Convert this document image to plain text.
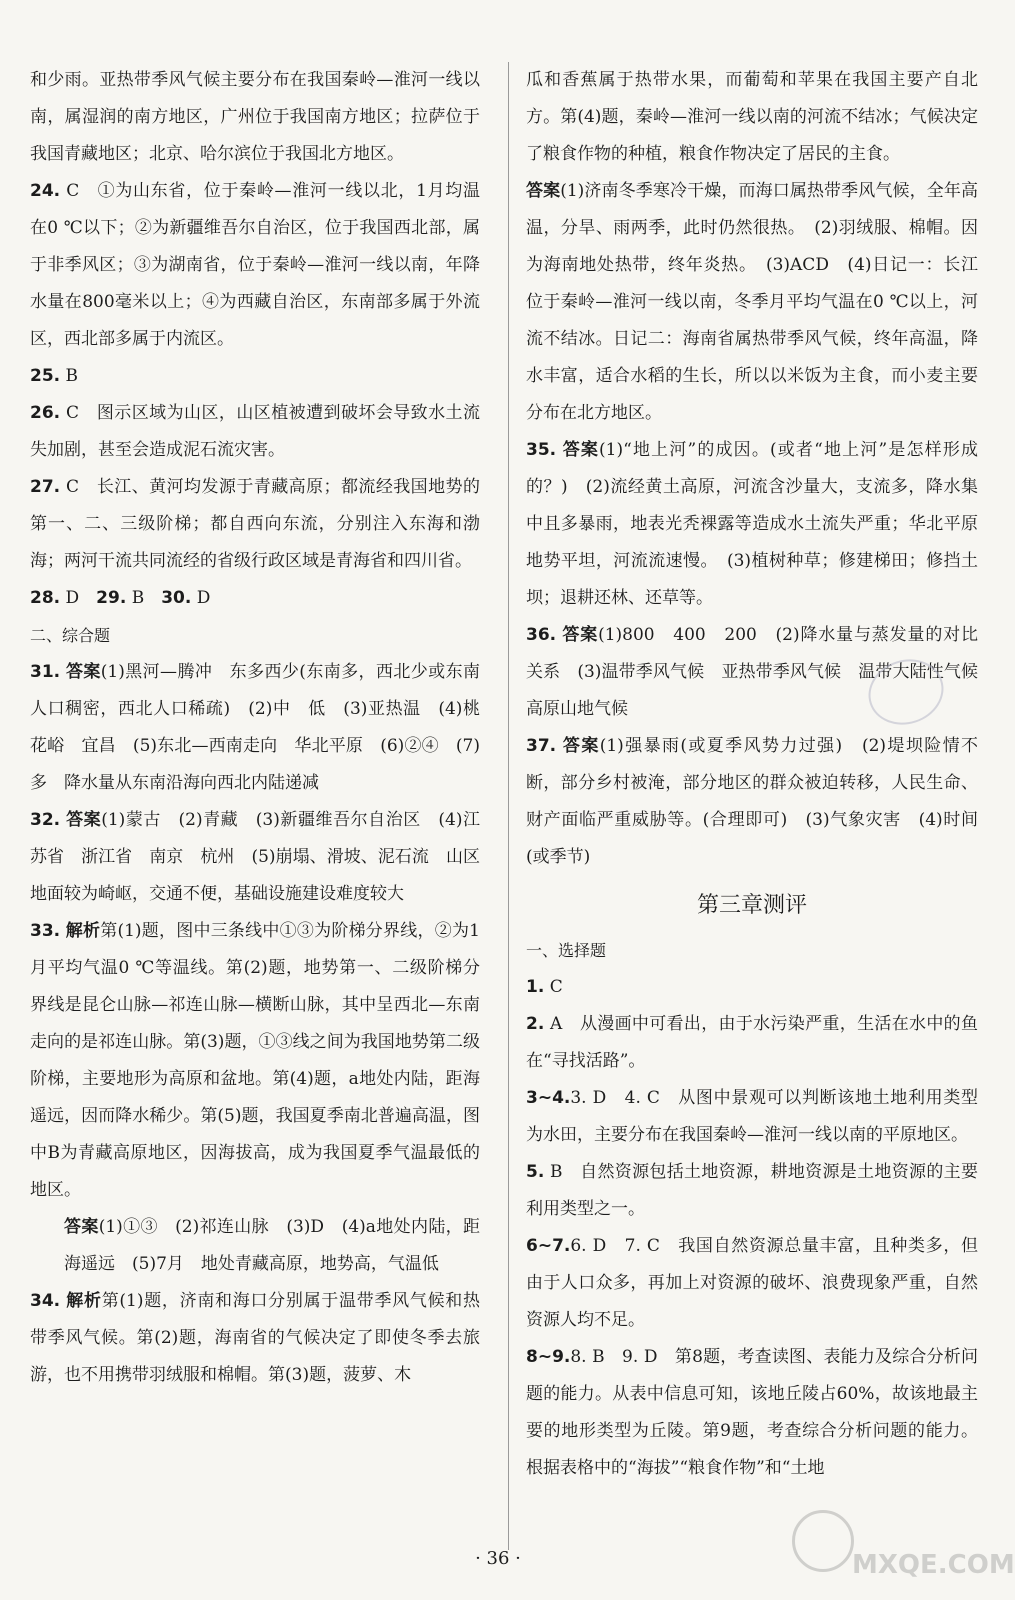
和少雨。亚热带季风气候主要分布在我国秦岭—淮河一线以南，属湿润的南方地区，广州位于我国南方地区；拉萨位于我国青藏地区；北京、哈尔滨位于我国北方地区。

24. C　①为山东省，位于秦岭—淮河一线以北，1月均温在0 ℃以下；②为新疆维吾尔自治区，位于我国西北部，属于非季风区；③为湖南省，位于秦岭—淮河一线以南，年降水量在800毫米以上；④为西藏自治区，东南部多属于外流区，西北部多属于内流区。

25. B

26. C　图示区域为山区，山区植被遭到破坏会导致水土流失加剧，甚至会造成泥石流灾害。

27. C　长江、黄河均发源于青藏高原；都流经我国地势的第一、二、三级阶梯；都自西向东流，分别注入东海和渤海；两河干流共同流经的省级行政区域是青海省和四川省。

28. D　 29. B　 30. D

二、综合题

31. 答案(1)黑河—腾冲　东多西少(东南多，西北少或东南人口稠密，西北人口稀疏)　(2)中　低　(3)亚热温　(4)桃花峪　宜昌　(5)东北—西南走向　华北平原　(6)②④　(7)多　降水量从东南沿海向西北内陆递减

32. 答案(1)蒙古　(2)青藏　(3)新疆维吾尔自治区　(4)江苏省　浙江省　南京　杭州　(5)崩塌、滑坡、泥石流　山区地面较为崎岖，交通不便，基础设施建设难度较大

33. 解析第(1)题，图中三条线中①③为阶梯分界线，②为1月平均气温0 ℃等温线。第(2)题，地势第一、二级阶梯分界线是昆仑山脉—祁连山脉—横断山脉，其中呈西北—东南走向的是祁连山脉。第(3)题，①③线之间为我国地势第二级阶梯，主要地形为高原和盆地。第(4)题，a地处内陆，距海遥远，因而降水稀少。第(5)题，我国夏季南北普遍高温，图中B为青藏高原地区，因海拔高，成为我国夏季气温最低的地区。

答案(1)①③　(2)祁连山脉　(3)D　(4)a地处内陆，距海遥远　(5)7月　地处青藏高原，地势高，气温低

34. 解析第(1)题，济南和海口分别属于温带季风气候和热带季风气候。第(2)题，海南省的气候决定了即使冬季去旅游，也不用携带羽绒服和棉帽。第(3)题，菠萝、木

瓜和香蕉属于热带水果，而葡萄和苹果在我国主要产自北方。第(4)题，秦岭—淮河一线以南的河流不结冰；气候决定了粮食作物的种植，粮食作物决定了居民的主食。

答案(1)济南冬季寒冷干燥，而海口属热带季风气候，全年高温，分旱、雨两季，此时仍然很热。　(2)羽绒服、棉帽。因为海南地处热带，终年炎热。　(3)ACD　(4)日记一：长江位于秦岭—淮河一线以南，冬季月平均气温在0 ℃以上，河流不结冰。日记二：海南省属热带季风气候，终年高温，降水丰富，适合水稻的生长，所以以米饭为主食，而小麦主要分布在北方地区。

35. 答案(1)“地上河”的成因。(或者“地上河”是怎样形成的？)　(2)流经黄土高原，河流含沙量大，支流多，降水集中且多暴雨，地表光秃裸露等造成水土流失严重；华北平原地势平坦，河流流速慢。　(3)植树种草；修建梯田；修挡土坝；退耕还林、还草等。

36. 答案(1)800　400　200　(2)降水量与蒸发量的对比关系　(3)温带季风气候　亚热带季风气候　温带大陆性气候　高原山地气候

37. 答案(1)强暴雨(或夏季风势力过强)　(2)堤坝险情不断，部分乡村被淹，部分地区的群众被迫转移，人民生命、财产面临严重威胁等。(合理即可)　(3)气象灾害　(4)时间(或季节)

第三章测评

一、选择题

1. C

2. A　从漫画中可看出，由于水污染严重，生活在水中的鱼在“寻找活路”。

3~4.3. D　4. C　从图中景观可以判断该地土地利用类型为水田，主要分布在我国秦岭—淮河一线以南的平原地区。

5. B　自然资源包括土地资源，耕地资源是土地资源的主要利用类型之一。

6~7.6. D　7. C　我国自然资源总量丰富，且种类多，但由于人口众多，再加上对资源的破坏、浪费现象严重，自然资源人均不足。

8~9.8. B　9. D　第8题，考查读图、表能力及综合分析问题的能力。从表中信息可知，该地丘陵占60%，故该地最主要的地形类型为丘陵。第9题，考查综合分析问题的能力。根据表格中的“海拔”“粮食作物”和“土地

MXQE.COM
· 36 ·
